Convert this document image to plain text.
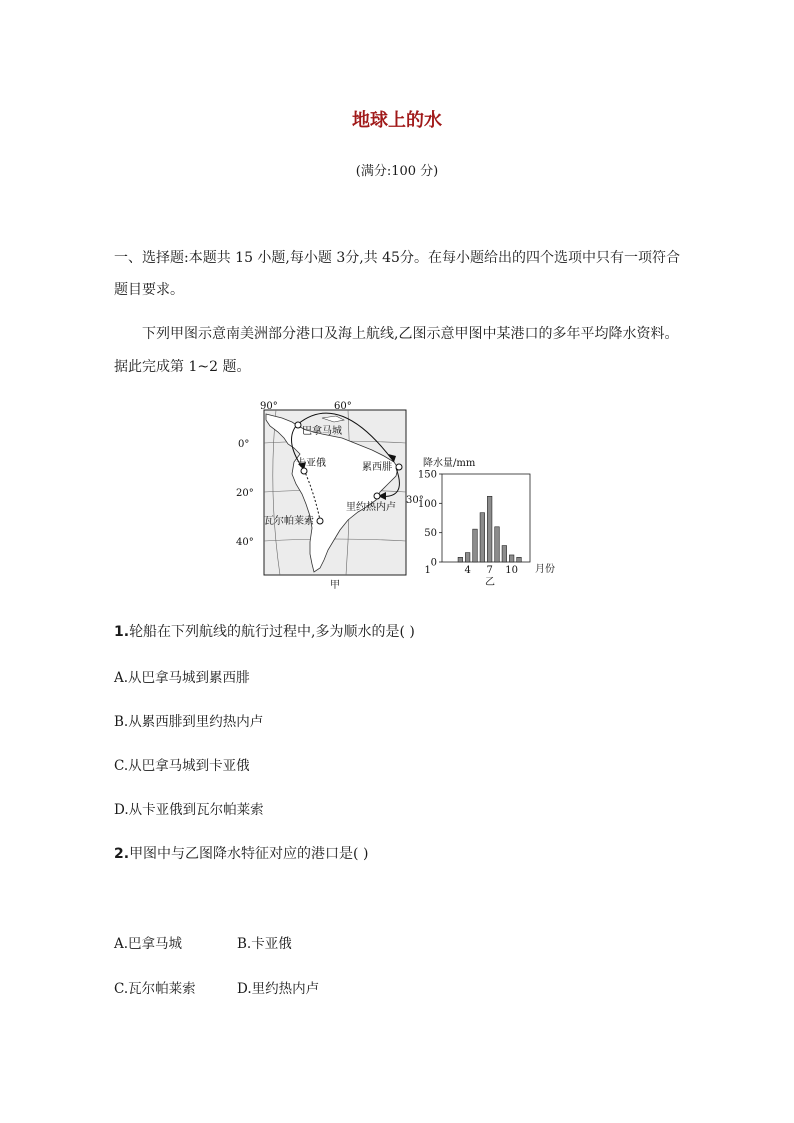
地球上的水
(满分:100 分)
一、选择题:本题共 15 小题,每小题 3分,共 45分。在每小题给出的四个选项中只有一项符合
题目要求。
下列甲图示意南美洲部分港口及海上航线,乙图示意甲图中某港口的多年平均降水资料。
据此完成第 1~2 题。
90°	60°
0°
20°
40°
30°
巴拿马城
卡亚俄	累西腓
瓦尔帕莱索
里约热内卢
甲
降水量/mm
0
50
100
150
1	4 7 10 月份
乙
1.轮船在下列航线的航行过程中,多为顺水的是( )
A.从巴拿马城到累西腓
B.从累西腓到里约热内卢
C.从巴拿马城到卡亚俄
D.从卡亚俄到瓦尔帕莱索
2.甲图中与乙图降水特征对应的港口是( )
A.巴拿马城	B.卡亚俄
C.瓦尔帕莱索	D.里约热内卢
